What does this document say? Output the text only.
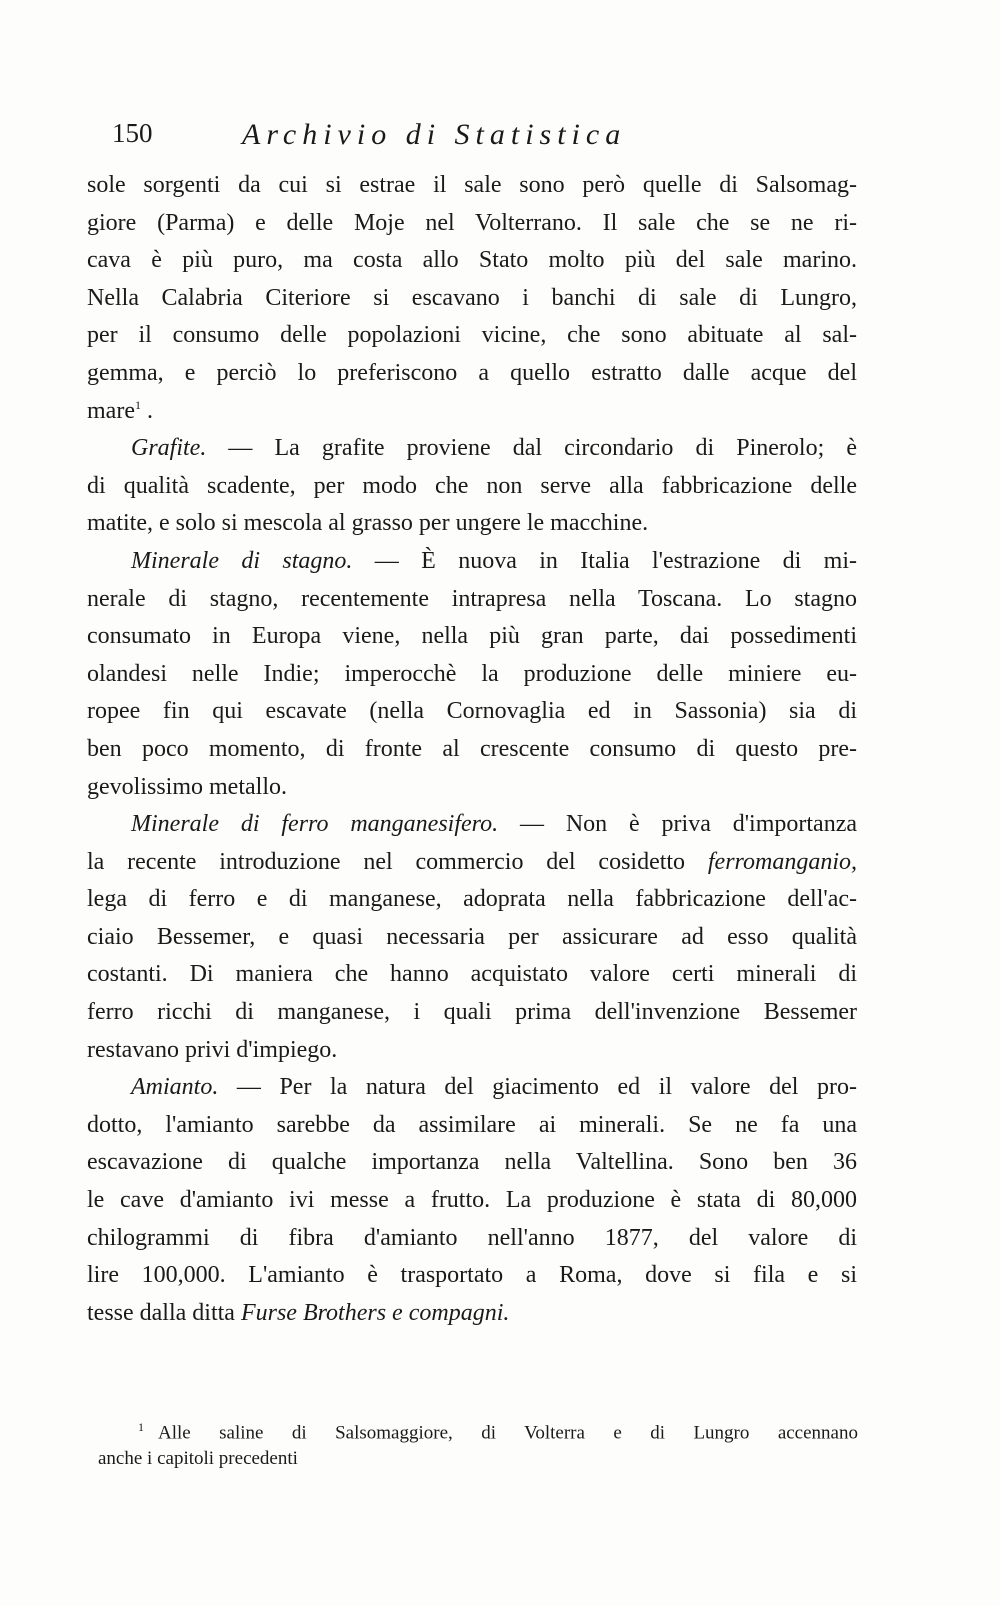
150	Archivio di Statistica
sole sorgenti da cui si estrae il sale sono però quelle di Salsomag-
giore (Parma) e delle Moje nel Volterrano. Il sale che se ne ri-
cava è più puro, ma costa allo Stato molto più del sale marino.
Nella Calabria Citeriore si escavano i banchi di sale di Lungro,
per il consumo delle popolazioni vicine, che sono abituate al sal-
gemma, e perciò lo preferiscono a quello estratto dalle acque del
mare$^1$ .
Grafite. — La grafite proviene dal circondario di Pinerolo; è
di qualità scadente, per modo che non serve alla fabbricazione delle
matite, e solo si mescola al grasso per ungere le macchine.
Minerale di stagno. — È nuova in Italia l'estrazione di mi-
nerale di stagno, recentemente intrapresa nella Toscana. Lo stagno
consumato in Europa viene, nella più gran parte, dai possedimenti
olandesi nelle Indie; imperocchè la produzione delle miniere eu-
ropee fin qui escavate (nella Cornovaglia ed in Sassonia) sia di
ben poco momento, di fronte al crescente consumo di questo pre-
gevolissimo metallo.
Minerale di ferro manganesifero. — Non è priva d'importanza
la recente introduzione nel commercio del cosidetto ferromanganio,
lega di ferro e di manganese, adoprata nella fabbricazione dell'ac-
ciaio Bessemer, e quasi necessaria per assicurare ad esso qualità
costanti. Di maniera che hanno acquistato valore certi minerali di
ferro ricchi di manganese, i quali prima dell'invenzione Bessemer
restavano privi d'impiego.
Amianto. — Per la natura del giacimento ed il valore del pro-
dotto, l'amianto sarebbe da assimilare ai minerali. Se ne fa una
escavazione di qualche importanza nella Valtellina. Sono ben 36
le cave d'amianto ivi messe a frutto. La produzione è stata di 80,000
chilogrammi di fibra d'amianto nell'anno 1877, del valore di
lire 100,000. L'amianto è trasportato a Roma, dove si fila e si
tesse dalla ditta Furse Brothers e compagni.
$^1$ Alle saline di Salsomaggiore, di Volterra e di Lungro accennano
anche i capitoli precedenti
